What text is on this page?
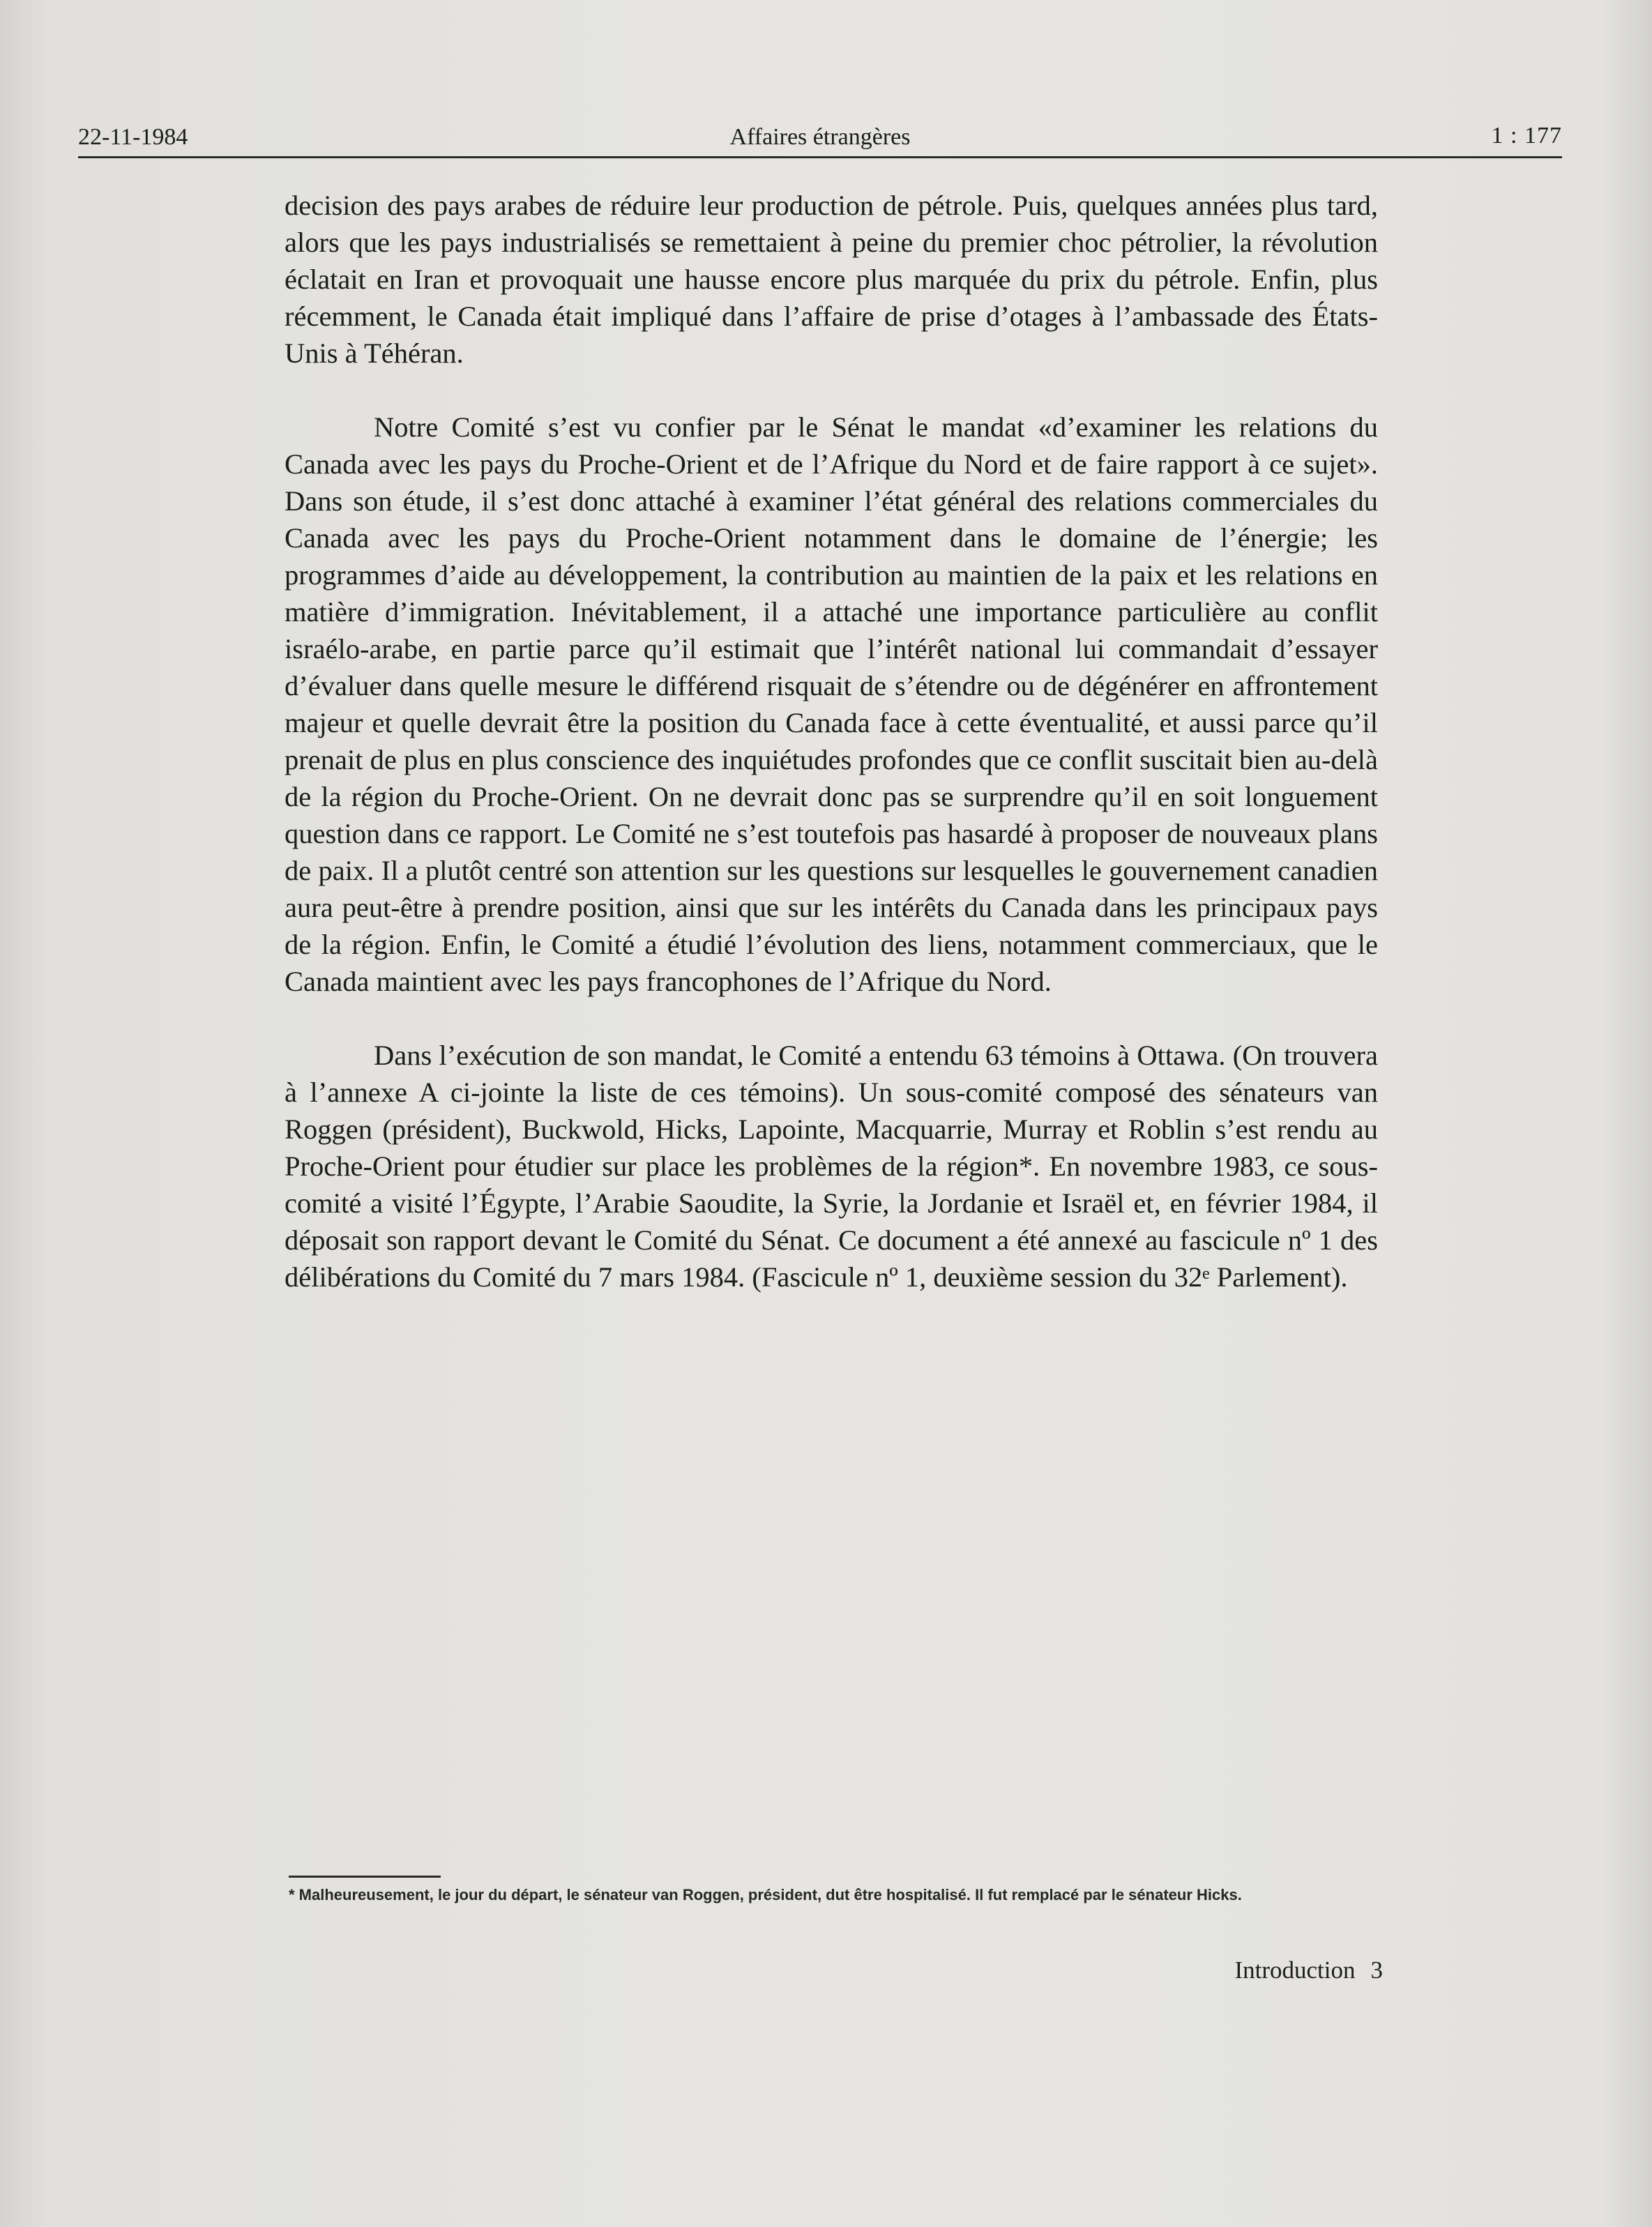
22-11-1984	Affaires étrangères	1 : 177

decision des pays arabes de réduire leur production de pétrole. Puis, quelques années plus tard, alors que les pays industrialisés se remettaient à peine du premier choc pétrolier, la révolution éclatait en Iran et provoquait une hausse encore plus marquée du prix du pétrole. Enfin, plus récemment, le Canada était impliqué dans l’affaire de prise d’otages à l’ambassade des États-Unis à Téhéran.

Notre Comité s’est vu confier par le Sénat le mandat «d’examiner les relations du Canada avec les pays du Proche-Orient et de l’Afrique du Nord et de faire rapport à ce sujet». Dans son étude, il s’est donc attaché à examiner l’état général des relations commerciales du Canada avec les pays du Proche-Orient notamment dans le domaine de l’énergie; les programmes d’aide au développement, la contribution au maintien de la paix et les relations en matière d’immigration. Inévitablement, il a attaché une importance particulière au conflit israélo-arabe, en partie parce qu’il estimait que l’intérêt national lui commandait d’essayer d’évaluer dans quelle mesure le différend risquait de s’étendre ou de dégénérer en affrontement majeur et quelle devrait être la position du Canada face à cette éventualité, et aussi parce qu’il prenait de plus en plus conscience des inquiétudes profondes que ce conflit suscitait bien au-delà de la région du Proche-Orient. On ne devrait donc pas se surprendre qu’il en soit longuement question dans ce rapport. Le Comité ne s’est toutefois pas hasardé à proposer de nouveaux plans de paix. Il a plutôt centré son attention sur les questions sur lesquelles le gouvernement canadien aura peut-être à prendre position, ainsi que sur les intérêts du Canada dans les principaux pays de la région. Enfin, le Comité a étudié l’évolution des liens, notamment commerciaux, que le Canada maintient avec les pays francophones de l’Afrique du Nord.

Dans l’exécution de son mandat, le Comité a entendu 63 témoins à Ottawa. (On trouvera à l’annexe A ci-jointe la liste de ces témoins). Un sous-comité composé des sénateurs van Roggen (président), Buckwold, Hicks, Lapointe, Macquarrie, Murray et Roblin s’est rendu au Proche-Orient pour étudier sur place les problèmes de la région*. En novembre 1983, ce sous-comité a visité l’Égypte, l’Arabie Saoudite, la Syrie, la Jordanie et Israël et, en février 1984, il déposait son rapport devant le Comité du Sénat. Ce document a été annexé au fascicule nº 1 des délibérations du Comité du 7 mars 1984. (Fascicule nº 1, deuxième session du 32ᵉ Parlement).

* Malheureusement, le jour du départ, le sénateur van Roggen, président, dut être hospitalisé. Il fut remplacé par le sénateur Hicks.
Introduction 3
